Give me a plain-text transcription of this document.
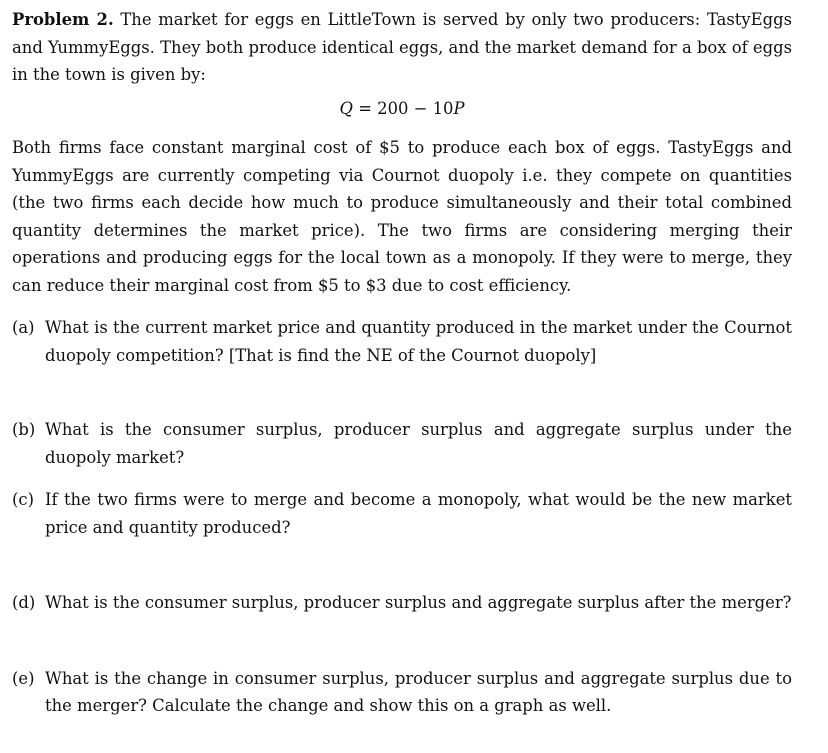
Problem 2. The market for eggs en LittleTown is served by only two producers: TastyEggs and YummyEggs. They both produce identical eggs, and the market demand for a box of eggs in the town is given by:

Q = 200 − 10P

Both firms face constant marginal cost of $5 to produce each box of eggs. TastyEggs and YummyEggs are currently competing via Cournot duopoly i.e. they compete on quantities (the two firms each decide how much to produce simultaneously and their total combined quantity determines the market price). The two firms are considering merging their operations and producing eggs for the local town as a monopoly. If they were to merge, they can reduce their marginal cost from $5 to $3 due to cost efficiency.

(a) What is the current market price and quantity produced in the market under the Cournot duopoly competition? [That is find the NE of the Cournot duopoly]
(b) What is the consumer surplus, producer surplus and aggregate surplus under the duopoly market?
(c) If the two firms were to merge and become a monopoly, what would be the new market price and quantity produced?
(d) What is the consumer surplus, producer surplus and aggregate surplus after the merger?
(e) What is the change in consumer surplus, producer surplus and aggregate surplus due to the merger? Calculate the change and show this on a graph as well.
